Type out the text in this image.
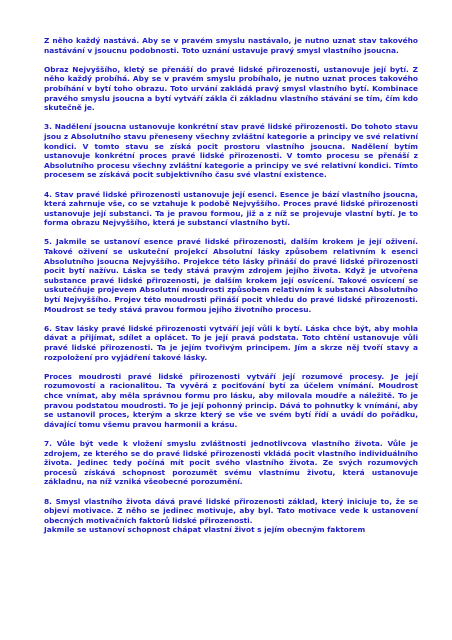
Z něho každý nastává. Aby se v pravém smyslu nastávalo, je nutno uznat stav takového nastávání v jsoucnu podobnosti. Toto uznání ustavuje pravý smysl vlastního jsoucna.

Obraz Nejvyššího, kletý se přenáší do pravé lidské přirozenosti, ustanovuje její bytí. Z něho každý probíhá. Aby se v pravém smyslu probíhalo, je nutno uznat proces takového probíhání v bytí toho obrazu. Toto urvání zakládá pravý smysl vlastního bytí. Kombinace pravého smyslu jsoucna a bytí vytváří zákla či základnu vlastního stávání se tím, čím kdo skutečně je.

3. Nadělení jsoucna ustanovuje konkrétní stav pravé lidské přirozenosti. Do tohoto stavu jsou z Absolutního stavu přeneseny všechny zvláštní kategorie a principy ve své relativní kondici. V tomto stavu se získá pocit prostoru vlastního jsoucna. Nadělení bytím ustanovuje konkrétní proces pravé lidské přirozenosti. V tomto procesu se přenáší z Absolutního procesu všechny zvláštní kategorie a principy ve své relativní kondici. Tímto procesem se získává pocit subjektivního času své vlastní existence.

4. Stav pravé lidské přirozenosti ustanovuje její esenci. Esence je bází vlastního jsoucna, která zahrnuje vše, co se vztahuje k podobě Nejvyššího. Proces pravé lidské přirozenosti ustanovuje její substanci. Ta je pravou formou, již a z níž se projevuje vlastní bytí. Je to forma obrazu Nejvyššího, která je substancí vlastního bytí.

5. Jakmile se ustanoví esence pravé lidské přirozenosti, dalším krokem je její oživení. Takové oživení se uskuteční projekcí Absolutní lásky způsobem relativním k esenci Absolutního jsoucna Nejvyššího. Projekce této lásky přináší do pravé lidské přirozenosti pocit bytí nažívu. Láska se tedy stává pravým zdrojem jejího života. Když je utvořena substance pravé lidské přirozenosti, je dalším krokem její osvícení. Takové osvícení se uskutečňuje projevem Absolutní moudrosti způsobem relativním k substanci Absolutního bytí Nejvyššího. Projev této moudrosti přináší pocit vhledu do pravé lidské přirozenosti. Moudrost se tedy stává pravou formou jejího životního procesu.

6. Stav lásky pravé lidské přirozenosti vytváří její vůli k bytí. Láska chce být, aby mohla dávat a přijímat, sdílet a oplácet. To je její pravá podstata. Toto chtění ustanovuje vůli pravé lidské přirozenosti. Ta je jejím tvořivým principem. Jím a skrze něj tvoří stavy a rozpoložení pro vyjádření takové lásky.

Proces moudrosti pravé lidské přirozenosti vytváří její rozumové procesy. Je její rozumovostí a racionalitou. Ta vyvěrá z pociťování bytí za účelem vnímání. Moudrost chce vnímat, aby měla správnou formu pro lásku, aby milovala moudře a náležitě. To je pravou podstatou moudrosti. To je její pohonný princip. Dává to pohnutky k vnímání, aby se ustanovil proces, kterým a skrze který se vše ve svém bytí řídí a uvádí do pořádku, dávající tomu všemu pravou harmonii a krásu.

7. Vůle být vede k vložení smyslu zvláštnosti jednotlivcova vlastního života. Vůle je zdrojem, ze kterého se do pravé lidské přirozenosti vkládá pocit vlastního individuálního života. Jedinec tedy počíná mít pocit svého vlastního života. Ze svých rozumových procesů získává schopnost porozumět svému vlastnímu životu, která ustanovuje základnu, na níž vzniká všeobecné porozumění.

8. Smysl vlastního života dává pravé lidské přirozenosti základ, který iniciuje to, že se objeví motivace. Z něho se jedinec motivuje, aby byl. Tato motivace vede k ustanovení obecných motivačních faktorů lidské přirozenosti.

Jakmile se ustanoví schopnost chápat vlastní život s jejím obecným faktorem
